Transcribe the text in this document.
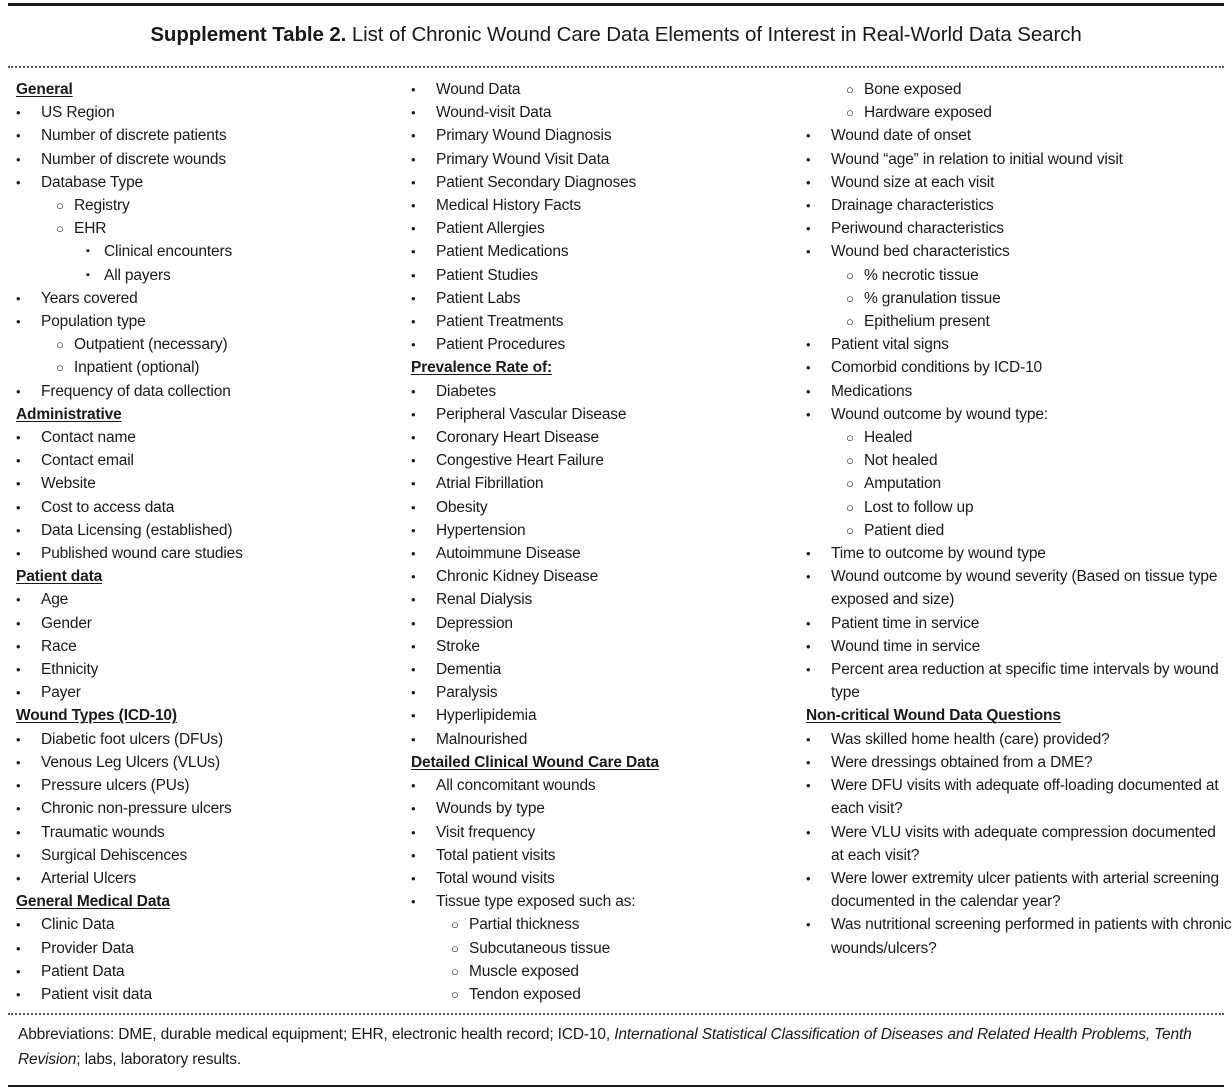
Supplement Table 2. List of Chronic Wound Care Data Elements of Interest in Real-World Data Search
General
•	US Region
•	Number of discrete patients
•	Number of discrete wounds
•	Database Type
○ Registry
○ EHR
▪ Clinical encounters
▪ All payers
•	Years covered
•	Population type
○ Outpatient (necessary)
○ Inpatient (optional)
•	Frequency of data collection
Administrative
•	Contact name
•	Contact email
•	Website
•	Cost to access data
•	Data Licensing (established)
•	Published wound care studies
Patient data
•	Age
•	Gender
•	Race
•	Ethnicity
•	Payer
Wound Types (ICD-10)
•	Diabetic foot ulcers (DFUs)
•	Venous Leg Ulcers (VLUs)
•	Pressure ulcers (PUs)
•	Chronic non-pressure ulcers
•	Traumatic wounds
•	Surgical Dehiscences
•	Arterial Ulcers
General Medical Data
•	Clinic Data
•	Provider Data
•	Patient Data
•	Patient visit data
•	Wound Data
•	Wound-visit Data
•	Primary Wound Diagnosis
•	Primary Wound Visit Data
•	Patient Secondary Diagnoses
•	Medical History Facts
•	Patient Allergies
•	Patient Medications
•	Patient Studies
•	Patient Labs
•	Patient Treatments
•	Patient Procedures
Prevalence Rate of:
•	Diabetes
•	Peripheral Vascular Disease
•	Coronary Heart Disease
•	Congestive Heart Failure
•	Atrial Fibrillation
•	Obesity
•	Hypertension
•	Autoimmune Disease
•	Chronic Kidney Disease
•	Renal Dialysis
•	Depression
•	Stroke
•	Dementia
•	Paralysis
•	Hyperlipidemia
•	Malnourished
Detailed Clinical Wound Care Data
•	All concomitant wounds
•	Wounds by type
•	Visit frequency
•	Total patient visits
•	Total wound visits
•	Tissue type exposed such as:
○ Partial thickness
○ Subcutaneous tissue
○ Muscle exposed
○ Tendon exposed
○ Bone exposed
○ Hardware exposed
•	Wound date of onset
•	Wound “age” in relation to initial wound visit
•	Wound size at each visit
•	Drainage characteristics
•	Periwound characteristics
•	Wound bed characteristics
○ % necrotic tissue
○ % granulation tissue
○ Epithelium present
•	Patient vital signs
•	Comorbid conditions by ICD-10
•	Medications
•	Wound outcome by wound type:
○ Healed
○ Not healed
○ Amputation
○ Lost to follow up
○ Patient died
•	Time to outcome by wound type
•	Wound outcome by wound severity (Based on tissue type exposed and size)
•	Patient time in service
•	Wound time in service
•	Percent area reduction at specific time intervals by wound type
Non-critical Wound Data Questions
•	Was skilled home health (care) provided?
•	Were dressings obtained from a DME?
•	Were DFU visits with adequate off-loading documented at each visit?
•	Were VLU visits with adequate compression documented at each visit?
•	Were lower extremity ulcer patients with arterial screening documented in the calendar year?
•	Was nutritional screening performed in patients with chronic wounds/ulcers?
Abbreviations: DME, durable medical equipment; EHR, electronic health record; ICD-10, International Statistical Classification of Diseases and Related Health Problems, Tenth Revision; labs, laboratory results.
